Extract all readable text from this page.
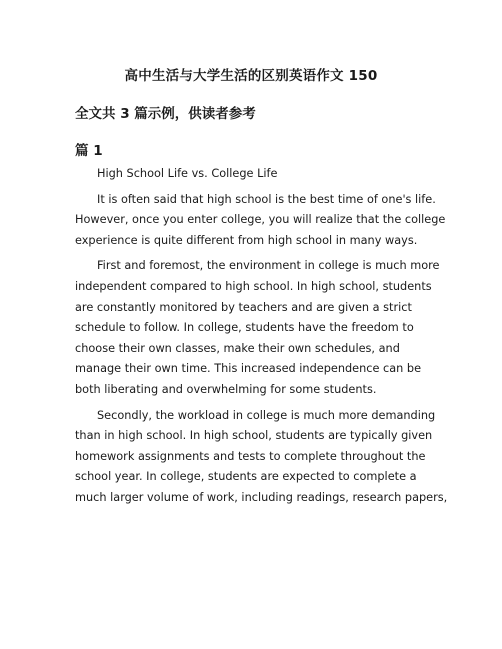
高中生活与大学生活的区别英语作文 150
全文共 3 篇示例，供读者参考
篇 1

High School Life vs. College Life

It is often said that high school is the best time of one's life.
However, once you enter college, you will realize that the college
experience is quite different from high school in many ways.

First and foremost, the environment in college is much more
independent compared to high school. In high school, students
are constantly monitored by teachers and are given a strict
schedule to follow. In college, students have the freedom to
choose their own classes, make their own schedules, and
manage their own time. This increased independence can be
both liberating and overwhelming for some students.

Secondly, the workload in college is much more demanding
than in high school. In high school, students are typically given
homework assignments and tests to complete throughout the
school year. In college, students are expected to complete a
much larger volume of work, including readings, research papers,
